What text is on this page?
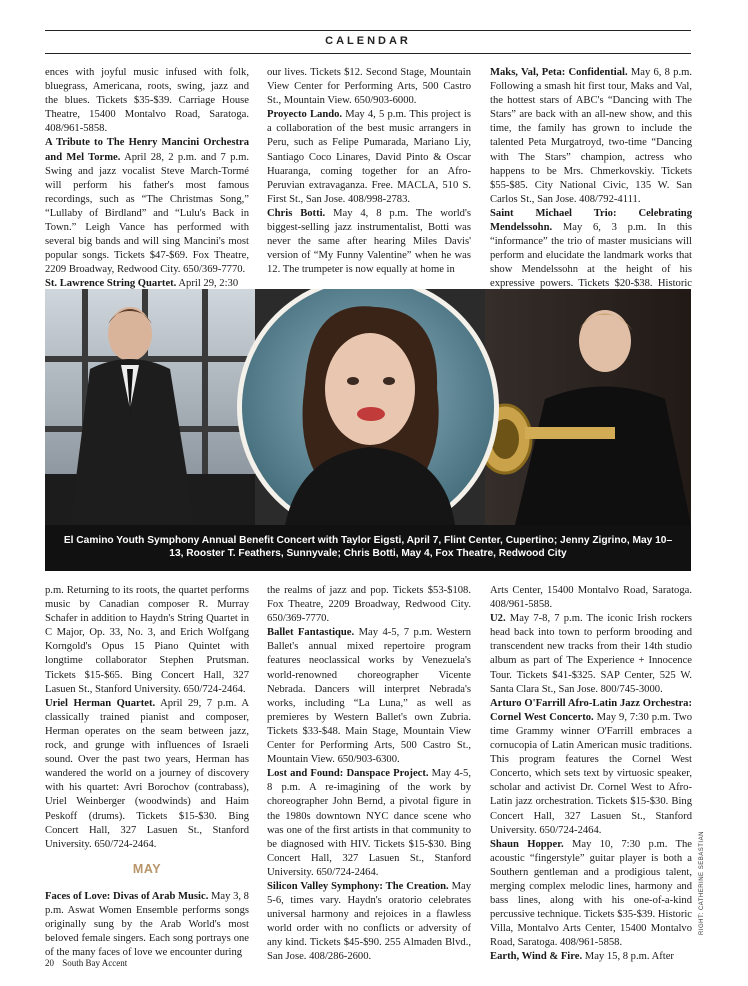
CALENDAR

ences with joyful music infused with folk, bluegrass, Americana, roots, swing, jazz and the blues. Tickets $35-$39. Carriage House Theatre, 15400 Montalvo Road, Saratoga. 408/961-5858.

A Tribute to The Henry Mancini Orchestra and Mel Torme. April 28, 2 p.m. and 7 p.m. Swing and jazz vocalist Steve March-Tormé will perform his father's most famous recordings, such as “The Christmas Song,” “Lullaby of Birdland” and “Lulu's Back in Town.” Leigh Vance has performed with several big bands and will sing Mancini's most popular songs. Tickets $47-$69. Fox Theatre, 2209 Broadway, Redwood City. 650/369-7770.

St. Lawrence String Quartet. April 29, 2:30

our lives. Tickets $12. Second Stage, Mountain View Center for Performing Arts, 500 Castro St., Mountain View. 650/903-6000.

Proyecto Lando. May 4, 5 p.m. This project is a collaboration of the best music arrangers in Peru, such as Felipe Pumarada, Mariano Liy, Santiago Coco Linares, David Pinto & Oscar Huaranga, coming together for an Afro-Peruvian extravaganza. Free. MACLA, 510 S. First St., San Jose. 408/998-2783.

Chris Botti. May 4, 8 p.m. The world's biggest-selling jazz instrumentalist, Botti was never the same after hearing Miles Davis' version of “My Funny Valentine” when he was 12. The trumpeter is now equally at home in

Maks, Val, Peta: Confidential. May 6, 8 p.m. Following a smash hit first tour, Maks and Val, the hottest stars of ABC's “Dancing with The Stars” are back with an all-new show, and this time, the family has grown to include the talented Peta Murgatroyd, two-time “Dancing with The Stars” champion, actress who happens to be Mrs. Chmerkovskiy. Tickets $55-$85. City National Civic, 135 W. San Carlos St., San Jose. 408/792-4111.

Saint Michael Trio: Celebrating Mendelssohn. May 6, 3 p.m. In this “informance” the trio of master musicians will perform and elucidate the landmark works that show Mendelssohn at the height of his expressive powers. Tickets $20-$38. Historic

El Camino Youth Symphony Annual Benefit Concert with Taylor Eigsti, April 7, Flint Center, Cupertino; Jenny Zigrino, May 10–13, Rooster T. Feathers, Sunnyvale; Chris Botti, May 4, Fox Theatre, Redwood City

p.m. Returning to its roots, the quartet performs music by Canadian composer R. Murray Schafer in addition to Haydn's String Quartet in C Major, Op. 33, No. 3, and Erich Wolfgang Korngold's Opus 15 Piano Quintet with longtime collaborator Stephen Prutsman. Tickets $15-$65. Bing Concert Hall, 327 Lasuen St., Stanford University. 650/724-2464.

Uriel Herman Quartet. April 29, 7 p.m. A classically trained pianist and composer, Herman operates on the seam between jazz, rock, and grunge with influences of Israeli sound. Over the past two years, Herman has wandered the world on a journey of discovery with his quartet: Avri Borochov (contrabass), Uriel Weinberger (woodwinds) and Haim Peskoff (drums). Tickets $15-$30. Bing Concert Hall, 327 Lasuen St., Stanford University. 650/724-2464.

MAY

Faces of Love: Divas of Arab Music. May 3, 8 p.m. Aswat Women Ensemble performs songs originally sung by the Arab World's most beloved female singers. Each song portrays one of the many faces of love we encounter during

the realms of jazz and pop. Tickets $53-$108. Fox Theatre, 2209 Broadway, Redwood City. 650/369-7770.

Ballet Fantastique. May 4-5, 7 p.m. Western Ballet's annual mixed repertoire program features neoclassical works by Venezuela's world-renowned choreographer Vicente Nebrada. Dancers will interpret Nebrada's works, including “La Luna,” as well as premieres by Western Ballet's own Zubria. Tickets $33-$48. Main Stage, Mountain View Center for Performing Arts, 500 Castro St., Mountain View. 650/903-6300.

Lost and Found: Danspace Project. May 4-5, 8 p.m. A re-imagining of the work by choreographer John Bernd, a pivotal figure in the 1980s downtown NYC dance scene who was one of the first artists in that community to be diagnosed with HIV. Tickets $15-$30. Bing Concert Hall, 327 Lasuen St., Stanford University. 650/724-2464.

Silicon Valley Symphony: The Creation. May 5-6, times vary. Haydn's oratorio celebrates universal harmony and rejoices in a flawless world order with no conflicts or adversity of any kind. Tickets $45-$90. 255 Almaden Blvd., San Jose. 408/286-2600.

Arts Center, 15400 Montalvo Road, Saratoga. 408/961-5858.

U2. May 7-8, 7 p.m. The iconic Irish rockers head back into town to perform brooding and transcendent new tracks from their 14th studio album as part of The Experience + Innocence Tour. Tickets $41-$325. SAP Center, 525 W. Santa Clara St., San Jose. 800/745-3000.

Arturo O'Farrill Afro-Latin Jazz Orchestra: Cornel West Concerto. May 9, 7:30 p.m. Two time Grammy winner O'Farrill embraces a cornucopia of Latin American music traditions. This program features the Cornel West Concerto, which sets text by virtuosic speaker, scholar and activist Dr. Cornel West to Afro-Latin jazz orchestration. Tickets $15-$30. Bing Concert Hall, 327 Lasuen St., Stanford University. 650/724-2464.

Shaun Hopper. May 10, 7:30 p.m. The acoustic “fingerstyle” guitar player is both a Southern gentleman and a prodigious talent, merging complex melodic lines, harmony and bass lines, along with his one-of-a-kind percussive technique. Tickets $35-$39. Historic Villa, Montalvo Arts Center, 15400 Montalvo Road, Saratoga. 408/961-5858.

Earth, Wind & Fire. May 15, 8 p.m. After

20 South Bay Accent
RIGHT: CATHERINE SEBASTIAN
